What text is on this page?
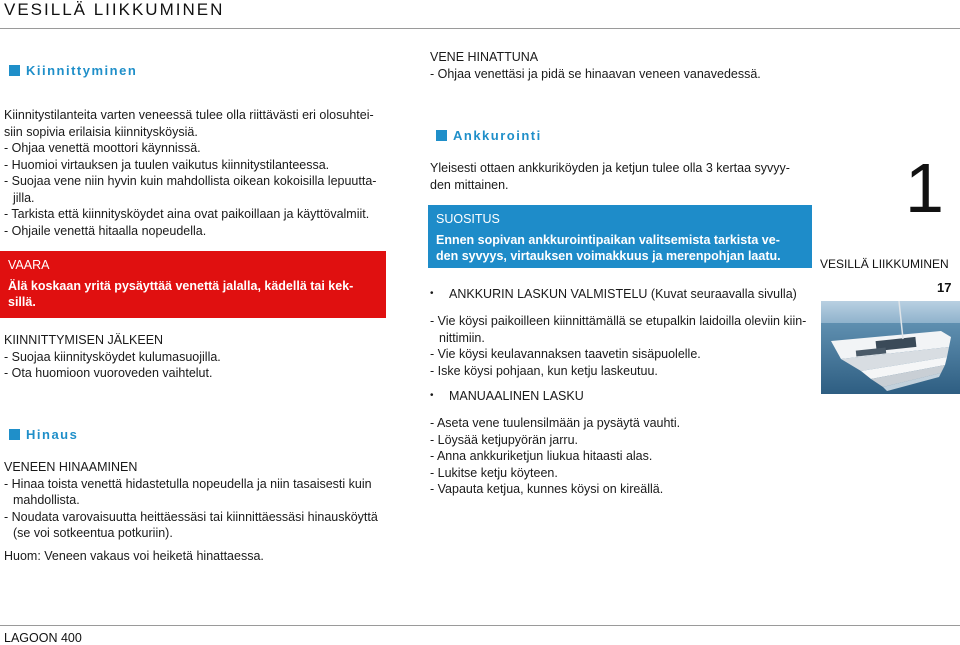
VESILLÄ LIIKKUMINEN
Kiinnittyminen

Kiinnitystilanteita varten veneessä tulee olla riittävästi eri olosuhtei-

siin sopivia erilaisia kiinnitysköysiä.

- Ohjaa venettä moottori käynnissä.

- Huomioi virtauksen ja tuulen vaikutus kiinnitystilanteessa.

- Suojaa vene niin hyvin kuin mahdollista oikean kokoisilla lepuutta-

jilla.

- Tarkista että kiinnitysköydet aina ovat paikoillaan ja käyttövalmiit.

- Ohjaile venettä hitaalla nopeudella.

VAARA
Älä koskaan yritä pysäyttää venettä jalalla, kädellä tai kek-
sillä.

KIINNITTYMISEN JÄLKEEN

- Suojaa kiinnitysköydet kulumasuojilla.

- Ota huomioon vuoroveden vaihtelut.

Hinaus

VENEEN HINAAMINEN

- Hinaa toista venettä hidastetulla nopeudella ja niin tasaisesti kuin

mahdollista.

- Noudata varovaisuutta heittäessäsi tai kiinnittäessäsi hinausköyttä

(se voi sotkeentua potkuriin).

Huom: Veneen vakaus voi heiketä hinattaessa.

VENE HINATTUNA

- Ohjaa venettäsi ja pidä se hinaavan veneen vanavedessä.

Ankkurointi

Yleisesti ottaen ankkuriköyden ja ketjun tulee olla 3 kertaa syvyy-

den mittainen.

SUOSITUS
Ennen sopivan ankkurointipaikan valitsemista tarkista ve-
den syvyys, virtauksen voimakkuus ja merenpohjan laatu.
•	ANKKURIN LASKUN VALMISTELU (Kuvat seuraavalla sivulla)

- Vie köysi paikoilleen kiinnittämällä se etupalkin laidoilla oleviin kiin-

nittimiin.

- Vie köysi keulavannaksen taavetin sisäpuolelle.

- Iske köysi pohjaan, kun ketju laskeutuu.

•	MANUAALINEN LASKU

- Aseta vene tuulensilmään ja pysäytä vauhti.

- Löysää ketjupyörän jarru.

- Anna ankkuriketjun liukua hitaasti alas.

- Lukitse ketju köyteen.

- Vapauta ketjua, kunnes köysi on kireällä.

1
VESILLÄ LIIKKUMINEN
17
LAGOON 400
